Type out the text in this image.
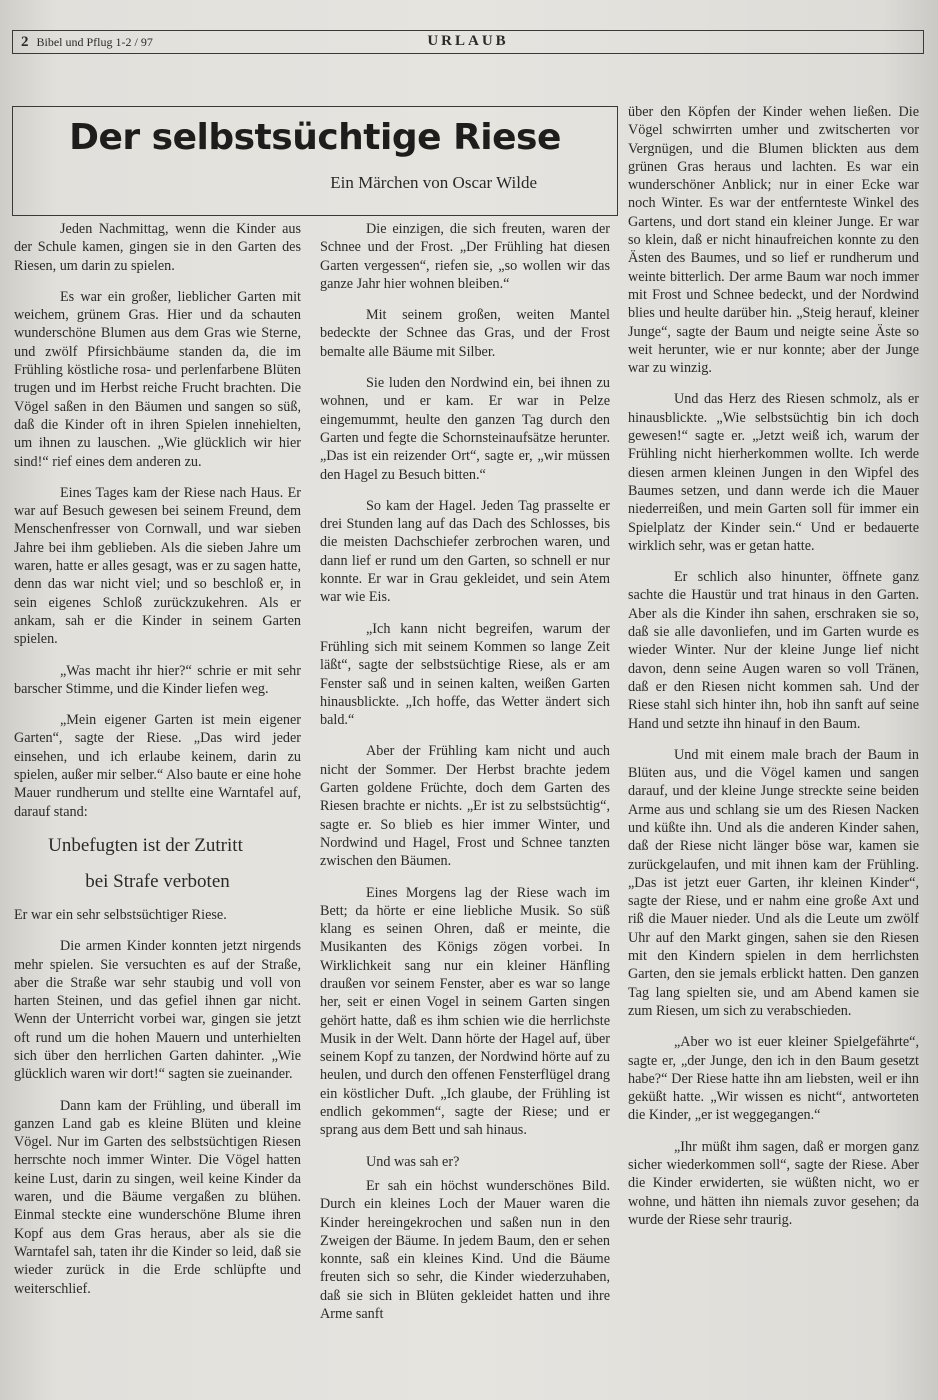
2 Bibel und Pflug 1-2 / 97	URLAUB
Der selbstsüchtige Riese
Ein Märchen von Oscar Wilde

Jeden Nachmittag, wenn die Kinder aus der Schule kamen, gingen sie in den Garten des Riesen, um darin zu spielen.

Es war ein großer, lieblicher Garten mit weichem, grünem Gras. Hier und da schauten wunderschöne Blumen aus dem Gras wie Sterne, und zwölf Pfirsichbäume standen da, die im Frühling köstliche rosa- und perlenfarbene Blüten trugen und im Herbst reiche Frucht brachten. Die Vögel saßen in den Bäumen und sangen so süß, daß die Kinder oft in ihren Spielen innehielten, um ihnen zu lauschen. „Wie glücklich wir hier sind!“ rief eines dem anderen zu.

Eines Tages kam der Riese nach Haus. Er war auf Besuch gewesen bei seinem Freund, dem Menschenfresser von Cornwall, und war sieben Jahre bei ihm geblieben. Als die sieben Jahre um waren, hatte er alles gesagt, was er zu sagen hatte, denn das war nicht viel; und so beschloß er, in sein eigenes Schloß zurückzukehren. Als er ankam, sah er die Kinder in seinem Garten spielen.

„Was macht ihr hier?“ schrie er mit sehr barscher Stimme, und die Kinder liefen weg.

„Mein eigener Garten ist mein eigener Garten“, sagte der Riese. „Das wird jeder einsehen, und ich erlaube keinem, darin zu spielen, außer mir selber.“ Also baute er eine hohe Mauer rundherum und stellte eine Warntafel auf, darauf stand:

Unbefugten ist der Zutritt
bei Strafe verboten

Er war ein sehr selbstsüchtiger Riese.

Die armen Kinder konnten jetzt nirgends mehr spielen. Sie versuchten es auf der Straße, aber die Straße war sehr staubig und voll von harten Steinen, und das gefiel ihnen gar nicht. Wenn der Unterricht vorbei war, gingen sie jetzt oft rund um die hohen Mauern und unterhielten sich über den herrlichen Garten dahinter. „Wie glücklich waren wir dort!“ sagten sie zueinander.

Dann kam der Frühling, und überall im ganzen Land gab es kleine Blüten und kleine Vögel. Nur im Garten des selbstsüchtigen Riesen herrschte noch immer Winter. Die Vögel hatten keine Lust, darin zu singen, weil keine Kinder da waren, und die Bäume vergaßen zu blühen. Einmal steckte eine wunderschöne Blume ihren Kopf aus dem Gras heraus, aber als sie die Warntafel sah, taten ihr die Kinder so leid, daß sie wieder zurück in die Erde schlüpfte und weiterschlief.

Die einzigen, die sich freuten, waren der Schnee und der Frost. „Der Frühling hat diesen Garten vergessen“, riefen sie, „so wollen wir das ganze Jahr hier wohnen bleiben.“

Mit seinem großen, weiten Mantel bedeckte der Schnee das Gras, und der Frost bemalte alle Bäume mit Silber.

Sie luden den Nordwind ein, bei ihnen zu wohnen, und er kam. Er war in Pelze eingemummt, heulte den ganzen Tag durch den Garten und fegte die Schornsteinaufsätze herunter. „Das ist ein reizender Ort“, sagte er, „wir müssen den Hagel zu Besuch bitten.“

So kam der Hagel. Jeden Tag prasselte er drei Stunden lang auf das Dach des Schlosses, bis die meisten Dachschiefer zerbrochen waren, und dann lief er rund um den Garten, so schnell er nur konnte. Er war in Grau gekleidet, und sein Atem war wie Eis.

„Ich kann nicht begreifen, warum der Frühling sich mit seinem Kommen so lange Zeit läßt“, sagte der selbstsüchtige Riese, als er am Fenster saß und in seinen kalten, weißen Garten hinausblickte. „Ich hoffe, das Wetter ändert sich bald.“

Aber der Frühling kam nicht und auch nicht der Sommer. Der Herbst brachte jedem Garten goldene Früchte, doch dem Garten des Riesen brachte er nichts. „Er ist zu selbstsüchtig“, sagte er. So blieb es hier immer Winter, und Nordwind und Hagel, Frost und Schnee tanzten zwischen den Bäumen.

Eines Morgens lag der Riese wach im Bett; da hörte er eine liebliche Musik. So süß klang es seinen Ohren, daß er meinte, die Musikanten des Königs zögen vorbei. In Wirklichkeit sang nur ein kleiner Hänfling draußen vor seinem Fenster, aber es war so lange her, seit er einen Vogel in seinem Garten singen gehört hatte, daß es ihm schien wie die herrlichste Musik in der Welt. Dann hörte der Hagel auf, über seinem Kopf zu tanzen, der Nordwind hörte auf zu heulen, und durch den offenen Fensterflügel drang ein köstlicher Duft. „Ich glaube, der Frühling ist endlich gekommen“, sagte der Riese; und er sprang aus dem Bett und sah hinaus.

Und was sah er?

Er sah ein höchst wunderschönes Bild. Durch ein kleines Loch der Mauer waren die Kinder hereingekrochen und saßen nun in den Zweigen der Bäume. In jedem Baum, den er sehen konnte, saß ein kleines Kind. Und die Bäume freuten sich so sehr, die Kinder wiederzuhaben, daß sie sich in Blüten gekleidet hatten und ihre Arme sanft

über den Köpfen der Kinder wehen ließen. Die Vögel schwirrten umher und zwitscherten vor Vergnügen, und die Blumen blickten aus dem grünen Gras heraus und lachten. Es war ein wunderschöner Anblick; nur in einer Ecke war noch Winter. Es war der entfernteste Winkel des Gartens, und dort stand ein kleiner Junge. Er war so klein, daß er nicht hinaufreichen konnte zu den Ästen des Baumes, und so lief er rundherum und weinte bitterlich. Der arme Baum war noch immer mit Frost und Schnee bedeckt, und der Nordwind blies und heulte darüber hin. „Steig herauf, kleiner Junge“, sagte der Baum und neigte seine Äste so weit herunter, wie er nur konnte; aber der Junge war zu winzig.

Und das Herz des Riesen schmolz, als er hinausblickte. „Wie selbstsüchtig bin ich doch gewesen!“ sagte er. „Jetzt weiß ich, warum der Frühling nicht hierherkommen wollte. Ich werde diesen armen kleinen Jungen in den Wipfel des Baumes setzen, und dann werde ich die Mauer niederreißen, und mein Garten soll für immer ein Spielplatz der Kinder sein.“ Und er bedauerte wirklich sehr, was er getan hatte.

Er schlich also hinunter, öffnete ganz sachte die Haustür und trat hinaus in den Garten. Aber als die Kinder ihn sahen, erschraken sie so, daß sie alle davonliefen, und im Garten wurde es wieder Winter. Nur der kleine Junge lief nicht davon, denn seine Augen waren so voll Tränen, daß er den Riesen nicht kommen sah. Und der Riese stahl sich hinter ihn, hob ihn sanft auf seine Hand und setzte ihn hinauf in den Baum.

Und mit einem male brach der Baum in Blüten aus, und die Vögel kamen und sangen darauf, und der kleine Junge streckte seine beiden Arme aus und schlang sie um des Riesen Nacken und küßte ihn. Und als die anderen Kinder sahen, daß der Riese nicht länger böse war, kamen sie zurückgelaufen, und mit ihnen kam der Frühling. „Das ist jetzt euer Garten, ihr kleinen Kinder“, sagte der Riese, und er nahm eine große Axt und riß die Mauer nieder. Und als die Leute um zwölf Uhr auf den Markt gingen, sahen sie den Riesen mit den Kindern spielen in dem herrlichsten Garten, den sie jemals erblickt hatten. Den ganzen Tag lang spielten sie, und am Abend kamen sie zum Riesen, um sich zu verabschieden.

„Aber wo ist euer kleiner Spielgefährte“, sagte er, „der Junge, den ich in den Baum gesetzt habe?“ Der Riese hatte ihn am liebsten, weil er ihn geküßt hatte. „Wir wissen es nicht“, antworteten die Kinder, „er ist weggegangen.“

„Ihr müßt ihm sagen, daß er morgen ganz sicher wiederkommen soll“, sagte der Riese. Aber die Kinder erwiderten, sie wüßten nicht, wo er wohne, und hätten ihn niemals zuvor gesehen; da wurde der Riese sehr traurig.
